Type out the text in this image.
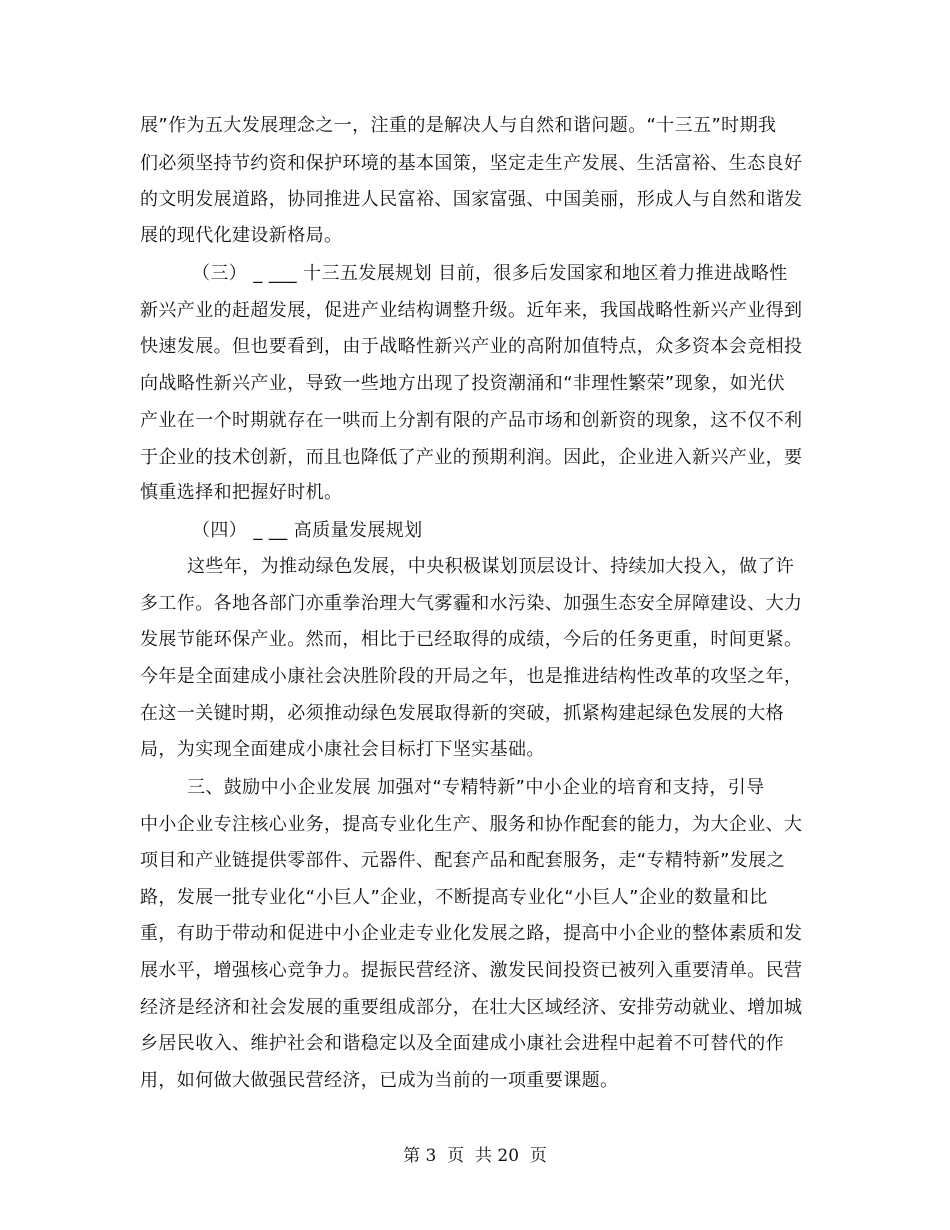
展”作为五大发展理念之一，注重的是解决人与自然和谐问题。“十三五”时期我
们必须坚持节约资和保护环境的基本国策，坚定走生产发展、生活富裕、生态良好
的文明发展道路，协同推进人民富裕、国家富强、中国美丽，形成人与自然和谐发
展的现代化建设新格局。
（三） _ ___ 十三五发展规划 目前，很多后发国家和地区着力推进战略性
新兴产业的赶超发展，促进产业结构调整升级。近年来，我国战略性新兴产业得到
快速发展。但也要看到，由于战略性新兴产业的高附加值特点，众多资本会竞相投
向战略性新兴产业，导致一些地方出现了投资潮涌和“非理性繁荣”现象，如光伏
产业在一个时期就存在一哄而上分割有限的产品市场和创新资的现象，这不仅不利
于企业的技术创新，而且也降低了产业的预期利润。因此，企业进入新兴产业，要
慎重选择和把握好时机。
（四） _ __ 高质量发展规划
这些年，为推动绿色发展，中央积极谋划顶层设计、持续加大投入，做了许
多工作。各地各部门亦重拳治理大气雾霾和水污染、加强生态安全屏障建设、大力
发展节能环保产业。然而，相比于已经取得的成绩，今后的任务更重，时间更紧。
今年是全面建成小康社会决胜阶段的开局之年，也是推进结构性改革的攻坚之年，
在这一关键时期，必须推动绿色发展取得新的突破，抓紧构建起绿色发展的大格
局，为实现全面建成小康社会目标打下坚实基础。
三、鼓励中小企业发展 加强对“专精特新”中小企业的培育和支持，引导
中小企业专注核心业务，提高专业化生产、服务和协作配套的能力，为大企业、大
项目和产业链提供零部件、元器件、配套产品和配套服务，走“专精特新”发展之
路，发展一批专业化“小巨人”企业，不断提高专业化“小巨人”企业的数量和比
重，有助于带动和促进中小企业走专业化发展之路，提高中小企业的整体素质和发
展水平，增强核心竞争力。提振民营经济、激发民间投资已被列入重要清单。民营
经济是经济和社会发展的重要组成部分，在壮大区域经济、安排劳动就业、增加城
乡居民收入、维护社会和谐稳定以及全面建成小康社会进程中起着不可替代的作
用，如何做大做强民营经济，已成为当前的一项重要课题。
第 3  页  共 20  页
